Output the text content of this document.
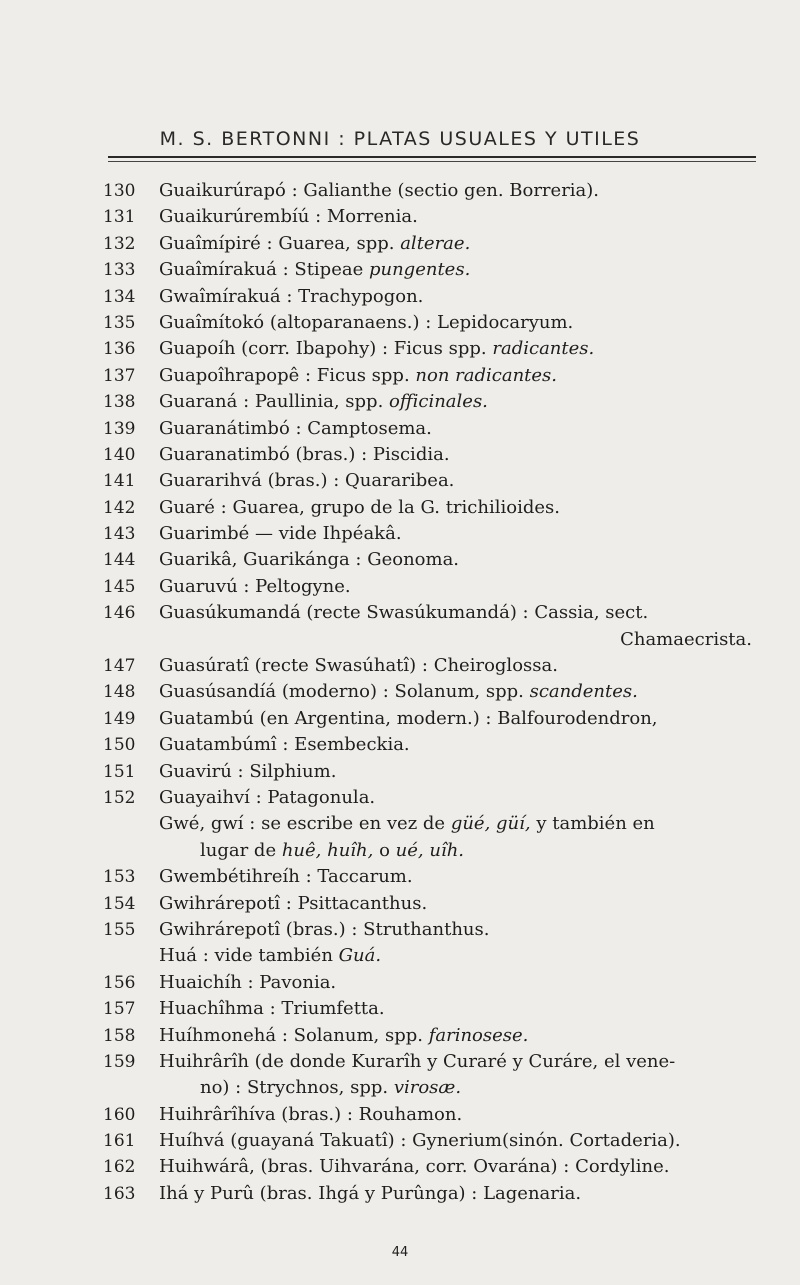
M. S. BERTONNI : PLATAS USUALES Y UTILES
130	Guaikurúrapó : Galianthe (sectio gen. Borreria).
131	Guaikurúrembíú : Morrenia.
132	Guaîmípiré : Guarea, spp. alterae.
133	Guaîmírakuá : Stipeae pungentes.
134	Gwaîmírakuá : Trachypogon.
135	Guaîmítokó (altoparanaens.) : Lepidocaryum.
136	Guapoíh (corr. Ibapohy) : Ficus spp. radicantes.
137	Guapoîhrapopê : Ficus spp. non radicantes.
138	Guaraná : Paullinia, spp. officinales.
139	Guaranátimbó : Camptosema.
140	Guaranatimbó (bras.) : Piscidia.
141	Guararihvá (bras.) : Quararibea.
142	Guaré : Guarea, grupo de la G. trichilioides.
143	Guarimbé — vide Ihpéakâ.
144	Guarikâ, Guarikánga : Geonoma.
145	Guaruvú : Peltogyne.
146	Guasúkumandá (recte Swasúkumandá) : Cassia, sect.
Chamaecrista.
147	Guasúratî (recte Swasúhatî) : Cheiroglossa.
148	Guasúsandíá (moderno) : Solanum, spp. scandentes.
149	Guatambú (en Argentina, modern.) : Balfourodendron,
150	Guatambúmî : Esembeckia.
151	Guavirú : Silphium.
152	Guayaihví : Patagonula.
Gwé, gwí : se escribe en vez de güé, güí, y también en
lugar de huê, huîh, o ué, uîh.
153	Gwembétihreíh : Taccarum.
154	Gwihrárepotî : Psittacanthus.
155	Gwihrárepotî (bras.) : Struthanthus.
Huá : vide también Guá.
156	Huaichíh : Pavonia.
157	Huachîhma : Triumfetta.
158	Huíhmonehá : Solanum, spp. farinosese.
159	Huihrârîh (de donde Kurarîh y Curaré y Curáre, el vene-
no) : Strychnos, spp. virosæ.
160	Huihrârîhíva (bras.) : Rouhamon.
161	Huíhvá (guayaná Takuatî) : Gynerium(sinón. Cortaderia).
162	Huihwárâ, (bras. Uihvarána, corr. Ovarána) : Cordyline.
163	Ihá y Purû (bras. Ihgá y Purûnga) : Lagenaria.
44
